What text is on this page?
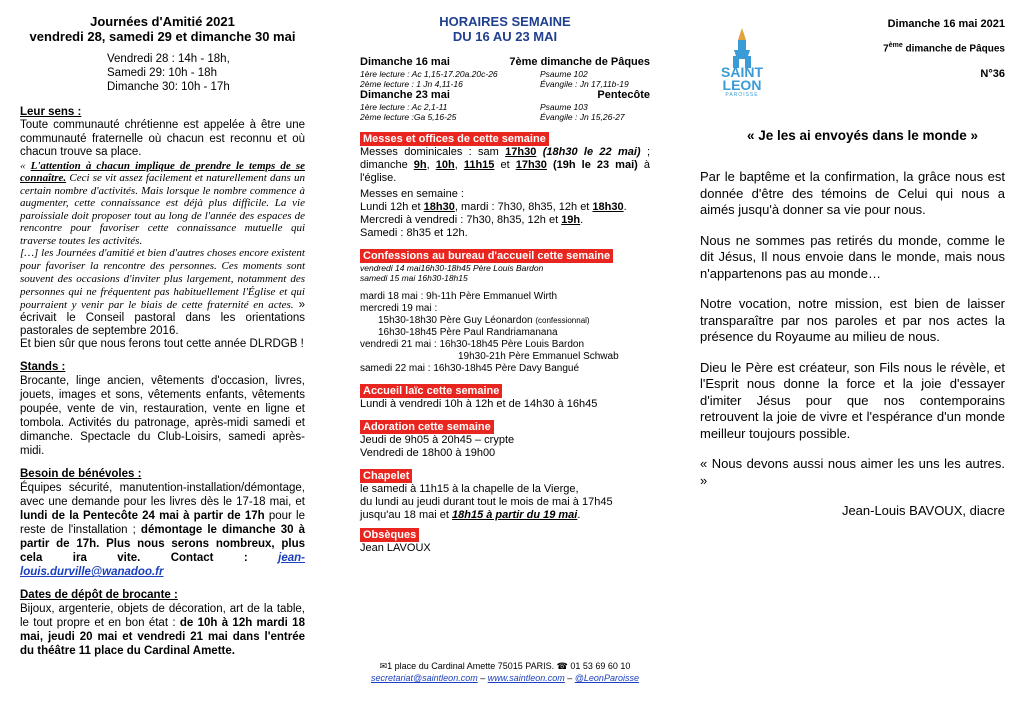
Journées d'Amitié 2021
vendredi 28, samedi 29 et dimanche 30 mai
Vendredi 28 : 14h - 18h,
Samedi 29: 10h - 18h
Dimanche 30: 10h - 17h
Leur sens :

Toute communauté chrétienne est appelée à être une communauté fraternelle où chacun est reconnu et où chacun trouve sa place.

« L'attention à chacun implique de prendre le temps de se connaître. Ceci se vit assez facilement et naturellement dans un certain nombre d'activités. Mais lorsque le nombre commence à augmenter, cette connaissance est déjà plus difficile. La vie paroissiale doit proposer tout au long de l'année des espaces de rencontre pour favoriser cette connaissance mutuelle qui traverse toutes les activités.

[…] les Journées d'amitié et bien d'autres choses encore existent pour favoriser la rencontre des personnes. Ces moments sont souvent des occasions d'inviter plus largement, notamment des personnes qui ne fréquentent pas habituellement l'Église et qui pourraient y venir par le biais de cette fraternité en actes. » écrivait le Conseil pastoral dans les orientations pastorales de septembre 2016.

Et bien sûr que nous ferons tout cette année DLRDGB !

Stands :

Brocante, linge ancien, vêtements d'occasion, livres, jouets, images et sons, vêtements enfants, vêtements poupée, vente de vin, restauration, vente en ligne et tombola. Activités du patronage, après-midi samedi et dimanche. Spectacle du Club-Loisirs, samedi après-midi.

Besoin de bénévoles :

Équipes sécurité, manutention-installation/démontage, avec une demande pour les livres dès le 17-18 mai, et lundi de la Pentecôte 24 mai à partir de 17h pour le reste de l'installation ; démontage le dimanche 30 à partir de 17h. Plus nous serons nombreux, plus cela ira vite. Contact : jean-louis.durville@wanadoo.fr

Dates de dépôt de brocante :

Bijoux, argenterie, objets de décoration, art de la table, le tout propre et en bon état : de 10h à 12h mardi 18 mai, jeudi 20 mai et vendredi 21 mai dans l'entrée du théâtre 11 place du Cardinal Amette.

HORAIRES SEMAINE
DU 16 AU 23 MAI
Dimanche 16 mai	7ème dimanche de Pâques
1ère lecture : Ac 1,15-17.20a.20c-26	Psaume 102
2ème lecture : 1 Jn 4,11-16	Évangile : Jn 17,11b-19
Dimanche 23 mai	Pentecôte
1ère lecture : Ac 2,1-11	Psaume 103
2ème lecture :Ga 5,16-25	Évangile : Jn 15,26-27
Messes et offices de cette semaine

Messes dominicales : sam 17h30 (18h30 le 22 mai) ; dimanche 9h, 10h, 11h15 et 17h30 (19h le 23 mai) à l'église.

Messes en semaine :

Lundi 12h et 18h30, mardi : 7h30, 8h35, 12h et 18h30.

Mercredi à vendredi : 7h30, 8h35, 12h et 19h.

Samedi : 8h35 et 12h.

Confessions au bureau d'accueil cette semaine
vendredi 14 mai16h30-18h45 Père Louis Bardon
samedi 15 mai 16h30-18h15
mardi 18 mai : 9h-11h Père Emmanuel Wirth
mercredi 19 mai :
15h30-18h30 Père Guy Léonardon (confessionnal)
16h30-18h45 Père Paul Randriamanana
vendredi 21 mai : 16h30-18h45 Père Louis Bardon
19h30-21h Père Emmanuel Schwab
samedi 22 mai : 16h30-18h45 Père Davy Bangué
Accueil laïc cette semaine

Lundi à vendredi 10h à 12h et de 14h30 à 16h45

Adoration cette semaine

Jeudi de 9h05 à 20h45 – crypte

Vendredi de 18h00 à 19h00

Chapelet

le samedi à 11h15 à la chapelle de la Vierge,

du lundi au jeudi durant tout le mois de mai à 17h45

jusqu'au 18 mai et 18h15 à partir du 19 mai.

Obsèques

Jean LAVOUX

✉1 place du Cardinal Amette 75015 PARIS. ☎ 01 53 69 60 10
secretariat@saintleon.com – www.saintleon.com – @LeonParoisse
SAINT
LEON
PAROISSE
Dimanche 16 mai 2021
7ème dimanche de Pâques
N°36
« Je les ai envoyés dans le monde »

Par le baptême et la confirmation, la grâce nous est donnée d'être des témoins de Celui qui nous a aimés jusqu'à donner sa vie pour nous.

Nous ne sommes pas retirés du monde, comme le dit Jésus, Il nous envoie dans le monde, mais nous n'appartenons pas au monde…

Notre vocation, notre mission, est bien de laisser transparaître par nos paroles et par nos actes la présence du Royaume au milieu de nous.

Dieu le Père est créateur, son Fils nous le révèle, et l'Esprit nous donne la force et la joie d'essayer d'imiter Jésus pour que nos contemporains retrouvent la joie de vivre et l'espérance d'un monde meilleur toujours possible.

« Nous devons aussi nous aimer les uns les autres. »

Jean-Louis BAVOUX, diacre
